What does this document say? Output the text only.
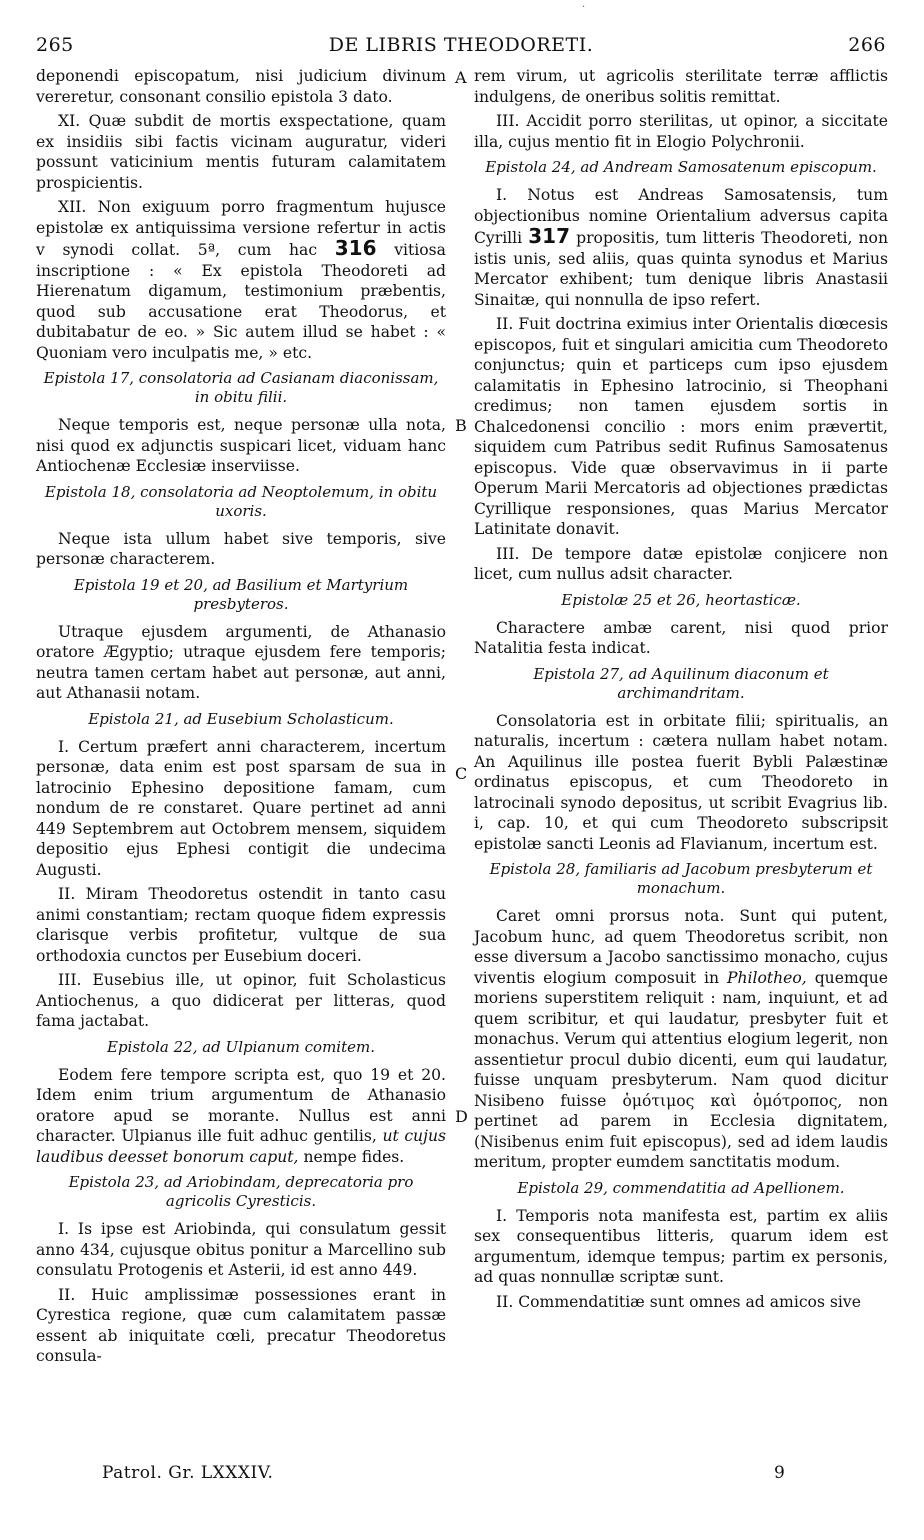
·
265	DE LIBRIS THEODORETI.	266
A
B
C
D

deponendi episcopatum, nisi judicium divinum vereretur, consonant consilio epistola 3 dato.

XI. Quæ subdit de mortis exspectatione, quam ex insidiis sibi factis vicinam auguratur, videri possunt vaticinium mentis futuram calamitatem prospicientis.

XII. Non exiguum porro fragmentum hujusce epistolæ ex antiquissima versione refertur in actis v synodi collat. 5ª, cum hac 316 vitiosa inscriptione : « Ex epistola Theodoreti ad Hierenatum digamum, testimonium præbentis, quod sub accusatione erat Theodorus, et dubitabatur de eo. » Sic autem illud se habet : « Quoniam vero inculpatis me, » etc.

Epistola 17, consolatoria ad Casianam diaconissam, in obitu filii.

Neque temporis est, neque personæ ulla nota, nisi quod ex adjunctis suspicari licet, viduam hanc Antiochenæ Ecclesiæ inserviisse.

Epistola 18, consolatoria ad Neoptolemum, in obitu uxoris.

Neque ista ullum habet sive temporis, sive personæ characterem.

Epistola 19 et 20, ad Basilium et Martyrium presbyteros.

Utraque ejusdem argumenti, de Athanasio oratore Ægyptio; utraque ejusdem fere temporis; neutra tamen certam habet aut personæ, aut anni, aut Athanasii notam.

Epistola 21, ad Eusebium Scholasticum.

I. Certum præfert anni characterem, incertum personæ, data enim est post sparsam de sua in latrocinio Ephesino depositione famam, cum nondum de re constaret. Quare pertinet ad anni 449 Septembrem aut Octobrem mensem, siquidem depositio ejus Ephesi contigit die undecima Augusti.

II. Miram Theodoretus ostendit in tanto casu animi constantiam; rectam quoque fidem expressis clarisque verbis profitetur, vultque de sua orthodoxia cunctos per Eusebium doceri.

III. Eusebius ille, ut opinor, fuit Scholasticus Antiochenus, a quo didicerat per litteras, quod fama jactabat.

Epistola 22, ad Ulpianum comitem.

Eodem fere tempore scripta est, quo 19 et 20. Idem enim trium argumentum de Athanasio oratore apud se morante. Nullus est anni character. Ulpianus ille fuit adhuc gentilis, ut cujus laudibus deesset bonorum caput, nempe fides.

Epistola 23, ad Ariobindam, deprecatoria pro agricolis Cyresticis.

I. Is ipse est Ariobinda, qui consulatum gessit anno 434, cujusque obitus ponitur a Marcellino sub consulatu Protogenis et Asterii, id est anno 449.

II. Huic amplissimæ possessiones erant in Cyrestica regione, quæ cum calamitatem passæ essent ab iniquitate cœli, precatur Theodoretus consula-

rem virum, ut agricolis sterilitate terræ afflictis indulgens, de oneribus solitis remittat.

III. Accidit porro sterilitas, ut opinor, a siccitate illa, cujus mentio fit in Elogio Polychronii.

Epistola 24, ad Andream Samosatenum episcopum.

I. Notus est Andreas Samosatensis, tum objectionibus nomine Orientalium adversus capita Cyrilli 317 propositis, tum litteris Theodoreti, non istis unis, sed aliis, quas quinta synodus et Marius Mercator exhibent; tum denique libris Anastasii Sinaitæ, qui nonnulla de ipso refert.

II. Fuit doctrina eximius inter Orientalis diœcesis episcopos, fuit et singulari amicitia cum Theodoreto conjunctus; quin et particeps cum ipso ejusdem calamitatis in Ephesino latrocinio, si Theophani credimus; non tamen ejusdem sortis in Chalcedonensi concilio : mors enim prævertit, siquidem cum Patribus sedit Rufinus Samosatenus episcopus. Vide quæ observavimus in ii parte Operum Marii Mercatoris ad objectiones prædictas Cyrillique responsiones, quas Marius Mercator Latinitate donavit.

III. De tempore datæ epistolæ conjicere non licet, cum nullus adsit character.

Epistolæ 25 et 26, heortasticæ.

Charactere ambæ carent, nisi quod prior Natalitia festa indicat.

Epistola 27, ad Aquilinum diaconum et archimandritam.

Consolatoria est in orbitate filii; spiritualis, an naturalis, incertum : cætera nullam habet notam. An Aquilinus ille postea fuerit Bybli Palæstinæ ordinatus episcopus, et cum Theodoreto in latrocinali synodo depositus, ut scribit Evagrius lib. i, cap. 10, et qui cum Theodoreto subscripsit epistolæ sancti Leonis ad Flavianum, incertum est.

Epistola 28, familiaris ad Jacobum presbyterum et monachum.

Caret omni prorsus nota. Sunt qui putent, Jacobum hunc, ad quem Theodoretus scribit, non esse diversum a Jacobo sanctissimo monacho, cujus viventis elogium composuit in Philotheo, quemque moriens superstitem reliquit : nam, inquiunt, et ad quem scribitur, et qui laudatur, presbyter fuit et monachus. Verum qui attentius elogium legerit, non assentietur procul dubio dicenti, eum qui laudatur, fuisse unquam presbyterum. Nam quod dicitur Nisibeno fuisse ὁμότιμος καὶ ὁμότροπος, non pertinet ad parem in Ecclesia dignitatem, (Nisibenus enim fuit episcopus), sed ad idem laudis meritum, propter eumdem sanctitatis modum.

Epistola 29, commendatitia ad Apellionem.

I. Temporis nota manifesta est, partim ex aliis sex consequentibus litteris, quarum idem est argumentum, idemque tempus; partim ex personis, ad quas nonnullæ scriptæ sunt.

II. Commendatitiæ sunt omnes ad amicos sive

Patrol. Gr. LXXXIV.	9
